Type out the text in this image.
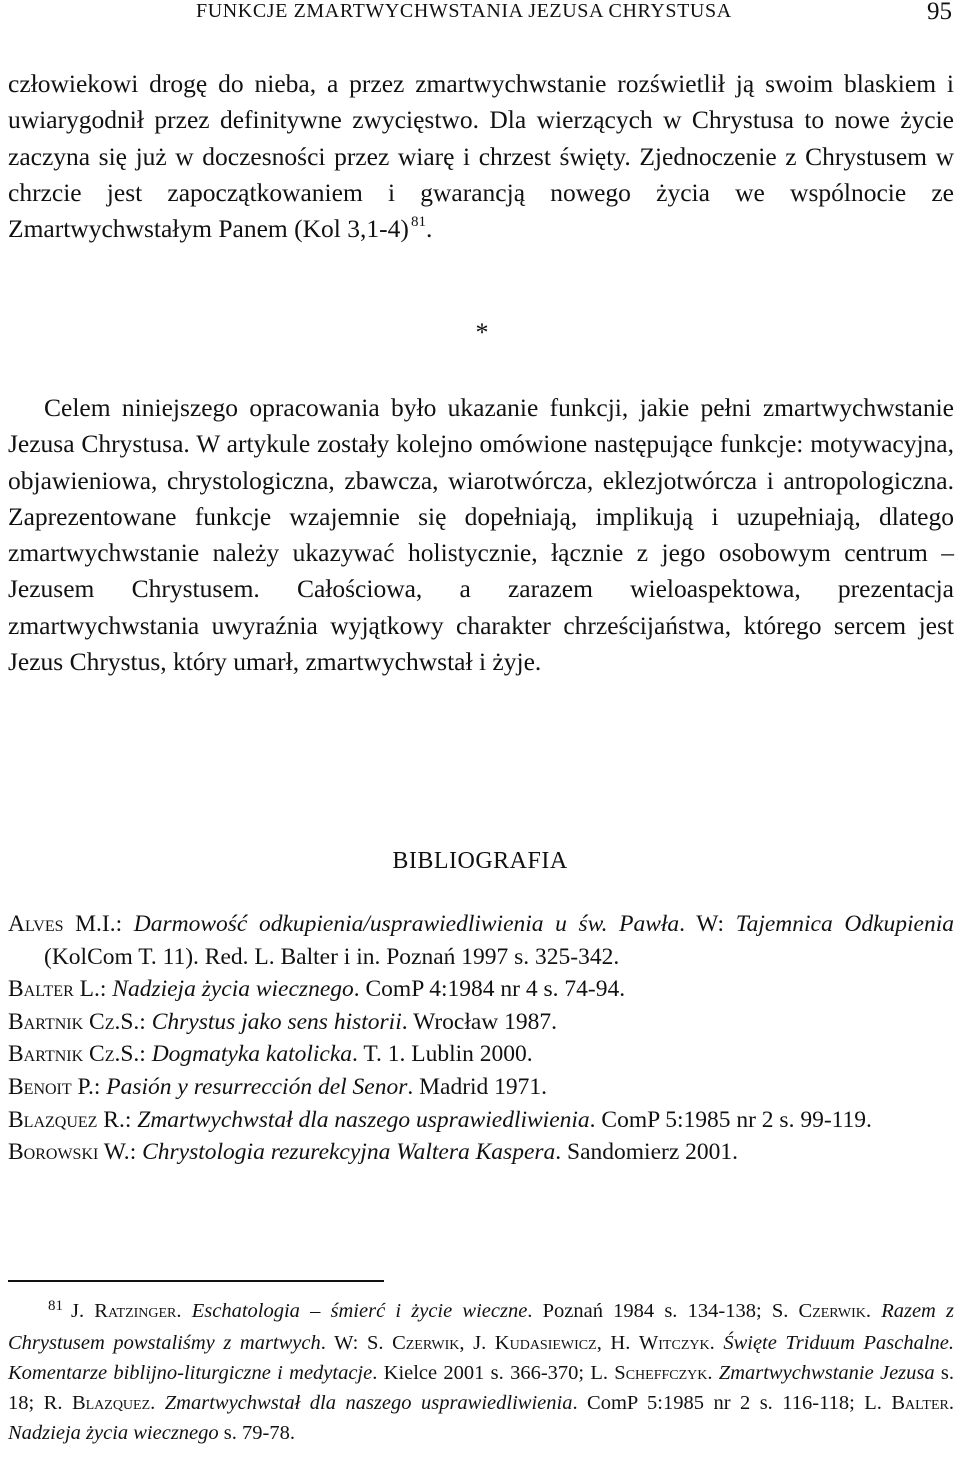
FUNKCJE ZMARTWYCHWSTANIA JEZUSA CHRYSTUSA	95

człowiekowi drogę do nieba, a przez zmartwychwstanie rozświetlił ją swoim blaskiem i uwiarygodnił przez definitywne zwycięstwo. Dla wierzących w Chrystusa to nowe życie zaczyna się już w doczesności przez wiarę i chrzest święty. Zjednoczenie z Chrystusem w chrzcie jest zapoczątkowaniem i gwarancją nowego życia we wspólnocie ze Zmartwychwstałym Panem (Kol 3,1-4)  $^{81}$.

*

Celem niniejszego opracowania było ukazanie funkcji, jakie pełni zmartwychwstanie Jezusa Chrystusa. W artykule zostały kolejno omówione następujące funkcje: motywacyjna, objawieniowa, chrystologiczna, zbawcza, wiarotwórcza, eklezjotwórcza i antropologiczna. Zaprezentowane funkcje wzajemnie się dopełniają, implikują i uzupełniają, dlatego zmartwychwstanie należy ukazywać holistycznie, łącznie z jego osobowym centrum – Jezusem Chrystusem. Całościowa, a zarazem wieloaspektowa, prezentacja zmartwychwstania uwyraźnia wyjątkowy charakter chrześcijaństwa, którego sercem jest Jezus Chrystus, który umarł, zmartwychwstał i żyje.

BIBLIOGRAFIA
Alves M.I.: Darmowość odkupienia/usprawiedliwienia u św. Pawła. W: Tajemnica Odkupienia (KolCom T. 11). Red. L. Balter i in. Poznań 1997 s. 325-342.
Balter L.: Nadzieja życia wiecznego. ComP 4:1984 nr 4 s. 74-94.
Bartnik Cz.S.: Chrystus jako sens historii. Wrocław 1987.
Bartnik Cz.S.: Dogmatyka katolicka. T. 1. Lublin 2000.
Benoit P.: Pasión y resurrección del Senor. Madrid 1971.
Blazquez R.: Zmartwychwstał dla naszego usprawiedliwienia. ComP 5:1985 nr 2 s. 99-119.
Borowski W.: Chrystologia rezurekcyjna Waltera Kaspera. Sandomierz 2001.

$^{81}$ J. Ratzinger. Eschatologia – śmierć i życie wieczne. Poznań 1984 s. 134-138; S. Czerwik. Razem z Chrystusem powstaliśmy z martwych. W: S. Czerwik, J. Kudasiewicz, H. Witczyk. Święte Triduum Paschalne. Komentarze biblijno-liturgiczne i medytacje. Kielce 2001 s. 366-370; L. Scheffczyk. Zmartwychwstanie Jezusa s. 18; R. Blazquez. Zmartwychwstał dla naszego usprawiedliwienia. ComP 5:1985 nr 2 s. 116-118; L. Balter. Nadzieja życia wiecznego s. 79-78.
